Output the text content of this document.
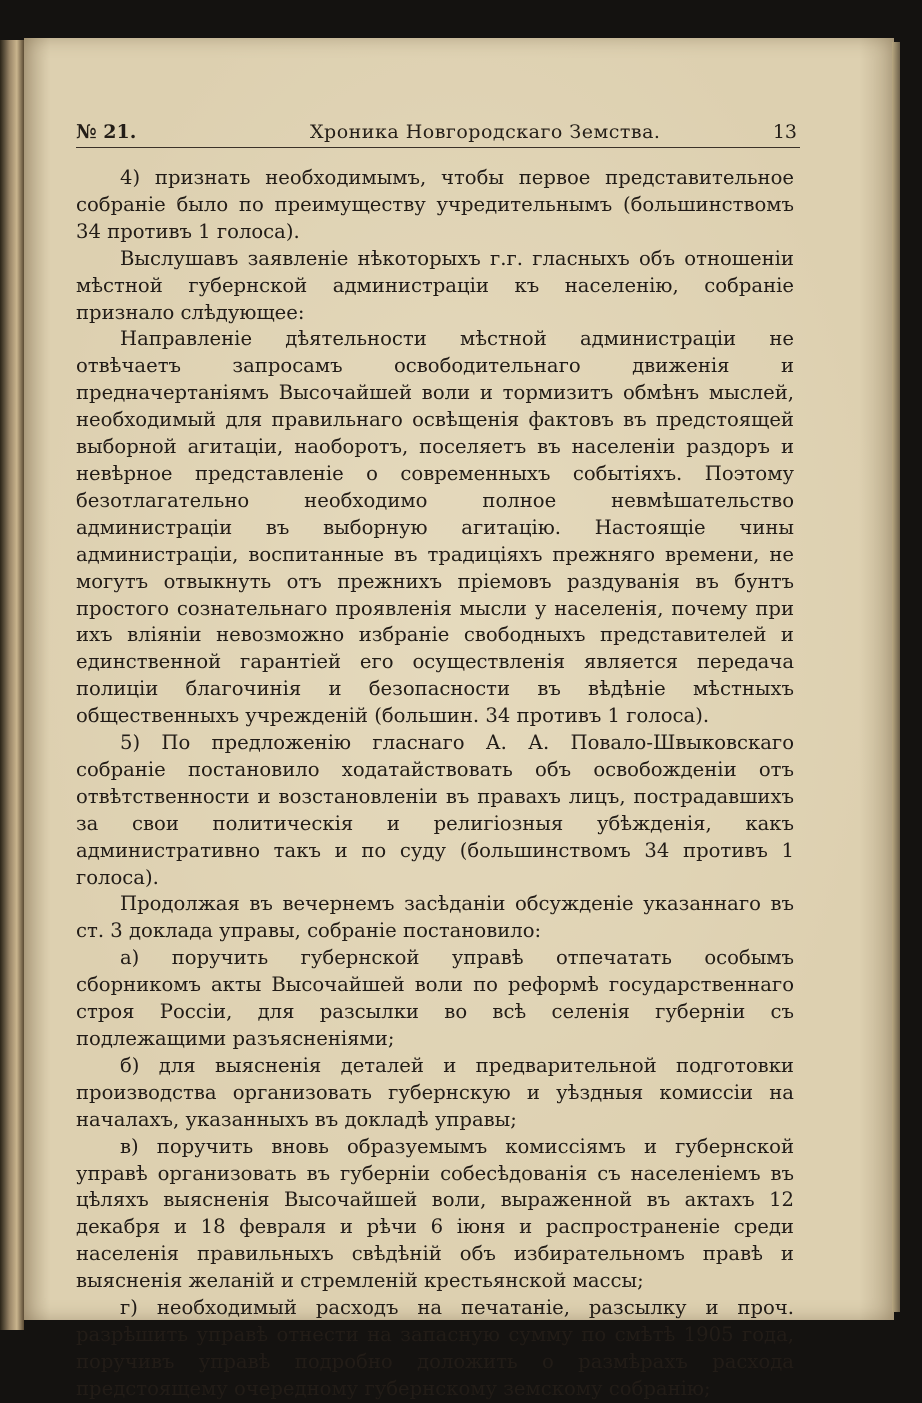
№ 21.	Хроника Новгородскаго Земства.	13

4) признать необходимымъ, чтобы первое представительное собраніе было по преимуществу учредительнымъ (большинствомъ 34 противъ 1 голоса).

Выслушавъ заявленіе нѣкоторыхъ г.г. гласныхъ объ отношеніи мѣстной губернской администраціи къ населенію, собраніе признало слѣдующее:

Направленіе дѣятельности мѣстной администраціи не отвѣчаетъ запросамъ освободительнаго движенія и предначертаніямъ Высочайшей воли и тормизитъ обмѣнъ мыслей, необходимый для правильнаго освѣщенія фактовъ въ предстоящей выборной агитаціи, наоборотъ, поселяетъ въ населеніи раздоръ и невѣрное представленіе о современныхъ событіяхъ. Поэтому безотлагательно необходимо полное невмѣшательство администраціи въ выборную агитацію. Настоящіе чины администраціи, воспитанные въ традиціяхъ прежняго времени, не могутъ отвыкнуть отъ прежнихъ пріемовъ раздуванія въ бунтъ простого сознательнаго проявленія мысли у населенія, почему при ихъ вліяніи невозможно избраніе свободныхъ представителей и единственной гарантіей его осуществленія является передача полиціи благочинія и безопасности въ вѣдѣніе мѣстныхъ общественныхъ учрежденій (большин. 34 противъ 1 голоса).

5) По предложенію гласнаго А. А. Повало-Швыковскаго собраніе постановило ходатайствовать объ освобожденіи отъ отвѣтственности и возстановленіи въ правахъ лицъ, пострадавшихъ за свои политическія и религіозныя убѣжденія, какъ административно такъ и по суду (большинствомъ 34 противъ 1 голоса).

Продолжая въ вечернемъ засѣданіи обсужденіе указаннаго въ ст. 3 доклада управы, собраніе постановило:

а) поручить губернской управѣ отпечатать особымъ сборникомъ акты Высочайшей воли по реформѣ государственнаго строя Россіи, для разсылки во всѣ селенія губерніи съ подлежащими разъясненіями;

б) для выясненія деталей и предварительной подготовки производства организовать губернскую и уѣздныя комиссіи на началахъ, указанныхъ въ докладѣ управы;

в) поручить вновь образуемымъ комиссіямъ и губернской управѣ организовать въ губерніи собесѣдованія съ населеніемъ въ цѣляхъ выясненія Высочайшей воли, выраженной въ актахъ 12 декабря и 18 февраля и рѣчи 6 іюня и распространеніе среди населенія правильныхъ свѣдѣній объ избирательномъ правѣ и выясненія желаній и стремленій крестьянской массы;

г) необходимый расходъ на печатаніе, разсылку и проч. разрѣшить управѣ отнести на запасную сумму по смѣтѣ 1905 года, поручивъ управѣ подробно доложить о размѣрахъ расхода предстоящему очередному губернскому земскому собранію;
